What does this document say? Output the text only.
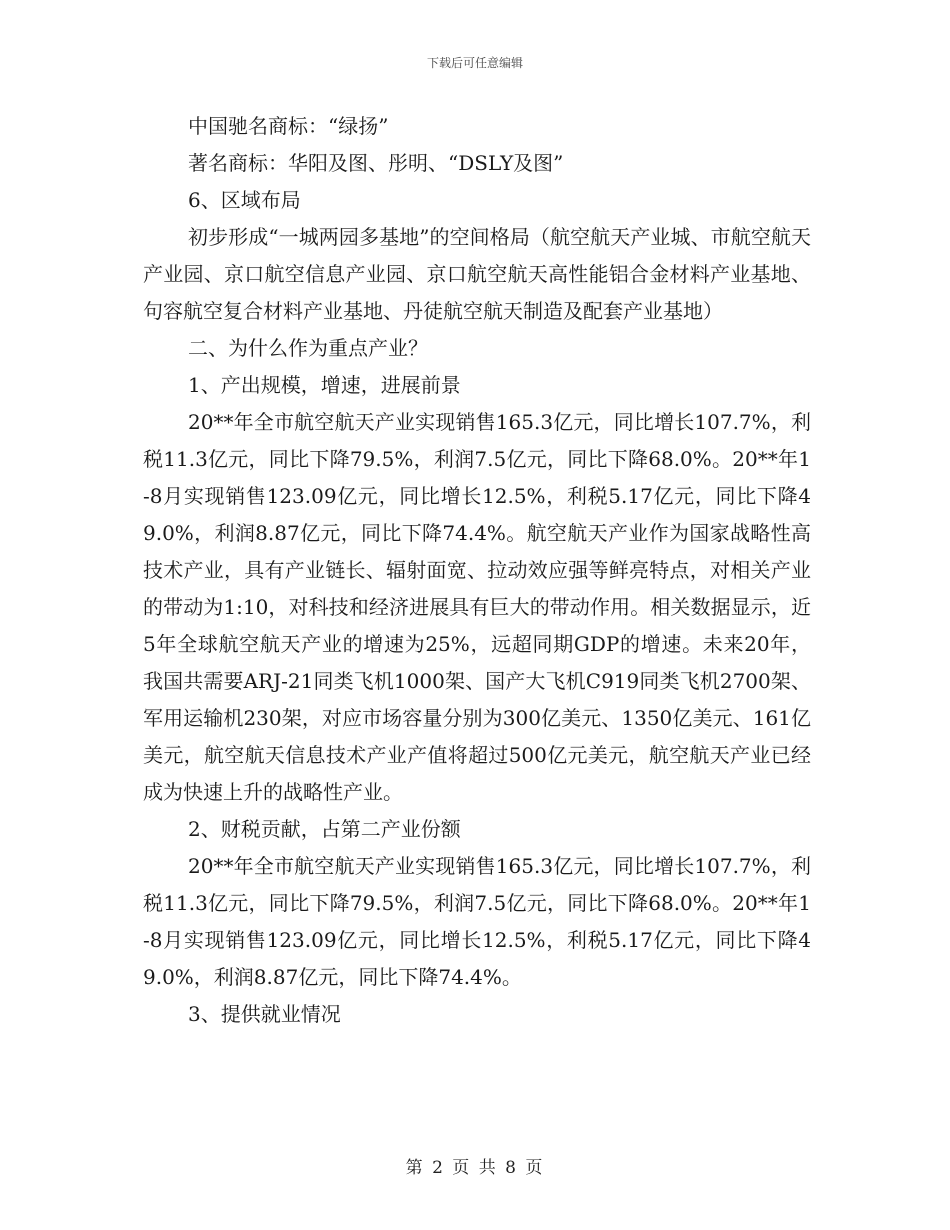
下载后可任意编辑

中国驰名商标：“绿扬”

著名商标：华阳及图、彤明、“DSLY及图”

6、区域布局

初步形成“一城两园多基地”的空间格局（航空航天产业城、市航空航天产业园、京口航空信息产业园、京口航空航天高性能铝合金材料产业基地、句容航空复合材料产业基地、丹徒航空航天制造及配套产业基地）

二、为什么作为重点产业？

1、产出规模，增速，进展前景

20**年全市航空航天产业实现销售165.3亿元，同比增长107.7%，利税11.3亿元，同比下降79.5%，利润7.5亿元，同比下降68.0%。20**年1-8月实现销售123.09亿元，同比增长12.5%，利税5.17亿元，同比下降49.0%，利润8.87亿元，同比下降74.4%。航空航天产业作为国家战略性高技术产业，具有产业链长、辐射面宽、拉动效应强等鲜亮特点，对相关产业的带动为1:10，对科技和经济进展具有巨大的带动作用。相关数据显示，近5年全球航空航天产业的增速为25%，远超同期GDP的增速。未来20年，我国共需要ARJ-21同类飞机1000架、国产大飞机C919同类飞机2700架、军用运输机230架，对应市场容量分别为300亿美元、1350亿美元、161亿美元，航空航天信息技术产业产值将超过500亿元美元，航空航天产业已经成为快速上升的战略性产业。

2、财税贡献，占第二产业份额

20**年全市航空航天产业实现销售165.3亿元，同比增长107.7%，利税11.3亿元，同比下降79.5%，利润7.5亿元，同比下降68.0%。20**年1-8月实现销售123.09亿元，同比增长12.5%，利税5.17亿元，同比下降49.0%，利润8.87亿元，同比下降74.4%。

3、提供就业情况

第 2 页 共 8 页
